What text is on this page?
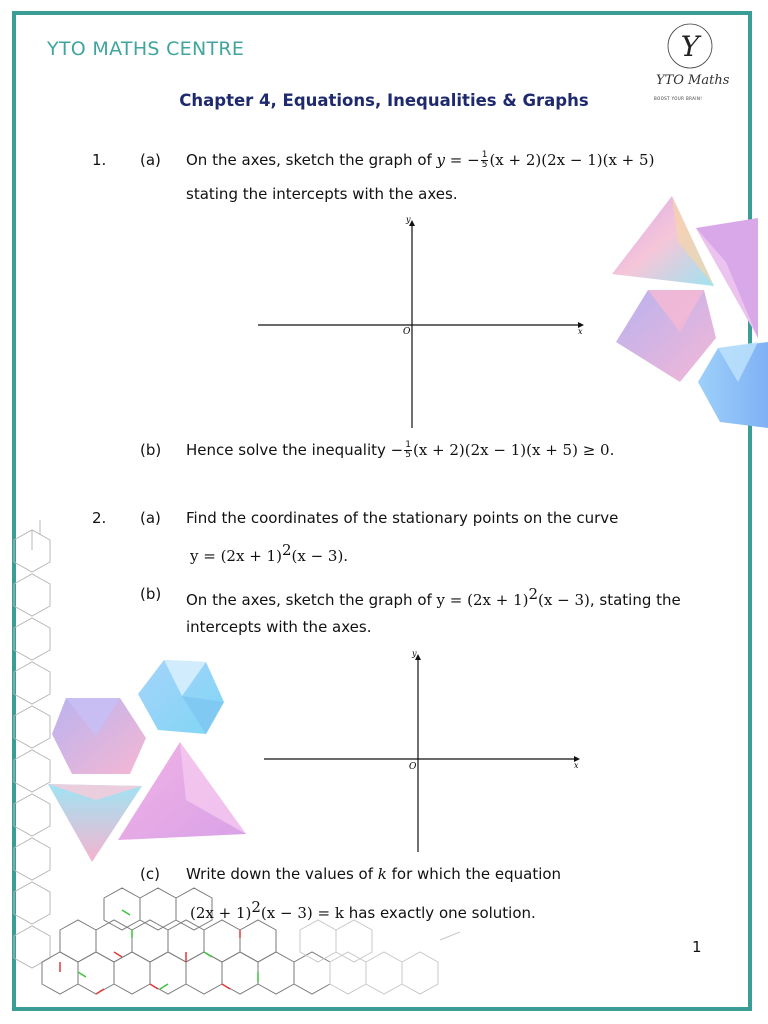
YTO MATHS CENTRE
Chapter 4, Equations, Inequalities & Graphs
Y
YTO Maths
BOOST YOUR BRAIN!
1. (a) On the axes, sketch the graph of y = − $\frac{1}{5} (x + 2)(2x - 1)(x + 5)$
stating the intercepts with the axes.
x
y
O
(b) Hence solve the inequality − $\frac{1}{5} (x + 2)(2x - 1)(x + 5) \ge 0$.
2. (a) Find the coordinates of the stationary points on the curve
$y = (2x + 1)^2(x - 3)$.
(b) On the axes, sketch the graph of $y = (2x + 1)^2(x - 3)$, stating the
intercepts with the axes.
x
y
O
(c) Write down the values of k for which the equation
$(2x + 1)^2(x - 3) = k$ has exactly one solution.
1
